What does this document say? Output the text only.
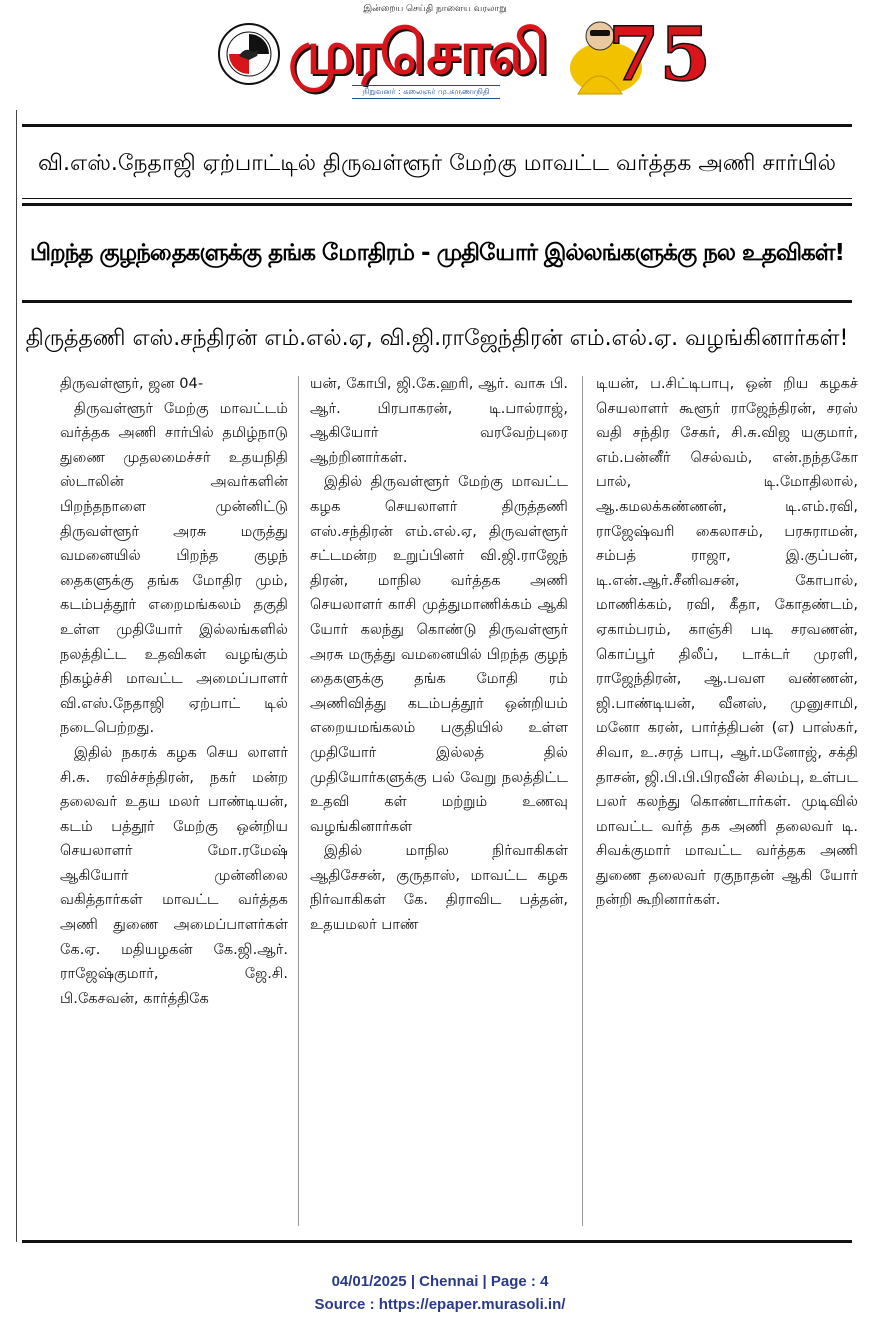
இன்றைய செய்தி நாளைய வரலாறு
முரசொலி
நிறுவனர் : கலைஞர் மு.கருணாநிதி 75
வி.எஸ்.நேதாஜி ஏற்பாட்டில் திருவள்ளூர் மேற்கு மாவட்ட வர்த்தக அணி சார்பில்
பிறந்த குழந்தைகளுக்கு தங்க மோதிரம் - முதியோர் இல்லங்களுக்கு நல உதவிகள்!
திருத்தணி எஸ்.சந்திரன் எம்.எல்.ஏ, வி.ஜி.ராஜேந்திரன் எம்.எல்.ஏ. வழங்கினார்கள்!

திருவள்ளூர், ஜன 04-

திருவள்ளூர் மேற்கு மாவட்டம் வர்த்தக அணி சார்பில் தமிழ்நாடு துணை முதலமைச்சர் உதயநிதி ஸ்டாலின் அவர்களின் பிறந்தநாளை முன்னிட்டு திருவள்ளூர் அரசு மருத்து வமனையில் பிறந்த குழந் தைகளுக்கு தங்க மோதிர மும், கடம்பத்தூர் எறைமங்கலம் தகுதி உள்ள முதியோர் இல்லங்களில் நலத்திட்ட உதவிகள் வழங்கும் நிகழ்ச்சி மாவட்ட அமைப்பாளர் வி.எஸ்.நேதாஜி ஏற்பாட் டில் நடைபெற்றது.

இதில் நகரக் கழக செய லாளர் சி.சு. ரவிச்சந்திரன், நகர் மன்ற தலைவர் உதய மலர் பாண்டியன், கடம் பத்தூர் மேற்கு ஒன்றிய செயலாளர் மோ.ரமேஷ் ஆகியோர் முன்னிலை வகித்தார்கள் மாவட்ட வர்த்தக அணி துணை அமைப்பாளர்கள் கே.ஏ. மதியழகன் கே.ஜி.ஆர். ராஜேஷ்குமார், ஜே.சி. பி.கேசவன், கார்த்திகே

யன், கோபி, ஜி.கே.ஹரி, ஆர். வாசு பி. ஆர். பிரபாகரன், டி.பால்ராஜ், ஆகியோர் வரவேற்புரை ஆற்றினார்கள்.

இதில் திருவள்ளூர் மேற்கு மாவட்ட கழக செயலாளர் திருத்தணி எஸ்.சந்திரன் எம்.எல்.ஏ, திருவள்ளூர் சட்டமன்ற உறுப்பினர் வி.ஜி.ராஜேந் திரன், மாநில வர்த்தக அணி செயலாளர் காசி முத்துமாணிக்கம் ஆகி யோர் கலந்து கொண்டு திருவள்ளூர் அரசு மருத்து வமனையில் பிறந்த குழந் தைகளுக்கு தங்க மோதி ரம் அணிவித்து கடம்பத்தூர் ஒன்றியம் எறையமங்கலம் பகுதியில் உள்ள முதியோர் இல்லத் தில் முதியோர்களுக்கு பல் வேறு நலத்திட்ட உதவி கள் மற்றும் உணவு வழங்கினார்கள்

இதில் மாநில நிர்வாகிகள் ஆதிசேசன், குருதாஸ், மாவட்ட கழக நிர்வாகிகள் கே. திராவிட பத்தன், உதயமலர் பாண்

டியன், ப.சிட்டிபாபு, ஒன் றிய கழகச் செயலாளர் கூளூர் ராஜேந்திரன், சரஸ் வதி சந்திர சேகர், சி.சு.விஜ யகுமார், எம்.பன்னீர் செல்வம், என்.நந்தகோ பால், டி.மோதிலால், ஆ.கமலக்கண்ணன், டி.எம்.ரவி, ராஜேஷ்வரி கைலாசம், பரசுராமன், சம்பத் ராஜா, இ.குப்பன், டி.என்.ஆர்.சீனிவசன், கோபால், மாணிக்கம், ரவி, கீதா, கோதண்டம், ஏகாம்பரம், காஞ்சி படி சரவணன், கொப்பூர் திலீப், டாக்டர் முரளி, ராஜேந்திரன், ஆ.பவள வண்ணன், ஜி.பாண்டியன், வீனஸ், முனுசாமி, மனோ கரன், பார்த்திபன் (எ) பாஸ்கர், சிவா, உ.சரத் பாபு, ஆர்.மனோஜ், சக்தி தாசன், ஜி.பி.பி.பிரவீன் சிலம்பு, உள்பட பலர் கலந்து கொண்டார்கள். முடிவில் மாவட்ட வர்த் தக அணி தலைவர் டி. சிவக்குமார் மாவட்ட வர்த்தக அணி துணை தலைவர் ரகுநாதன் ஆகி யோர் நன்றி கூறினார்கள்.

04/01/2025 | Chennai | Page : 4
Source : https://epaper.murasoli.in/
